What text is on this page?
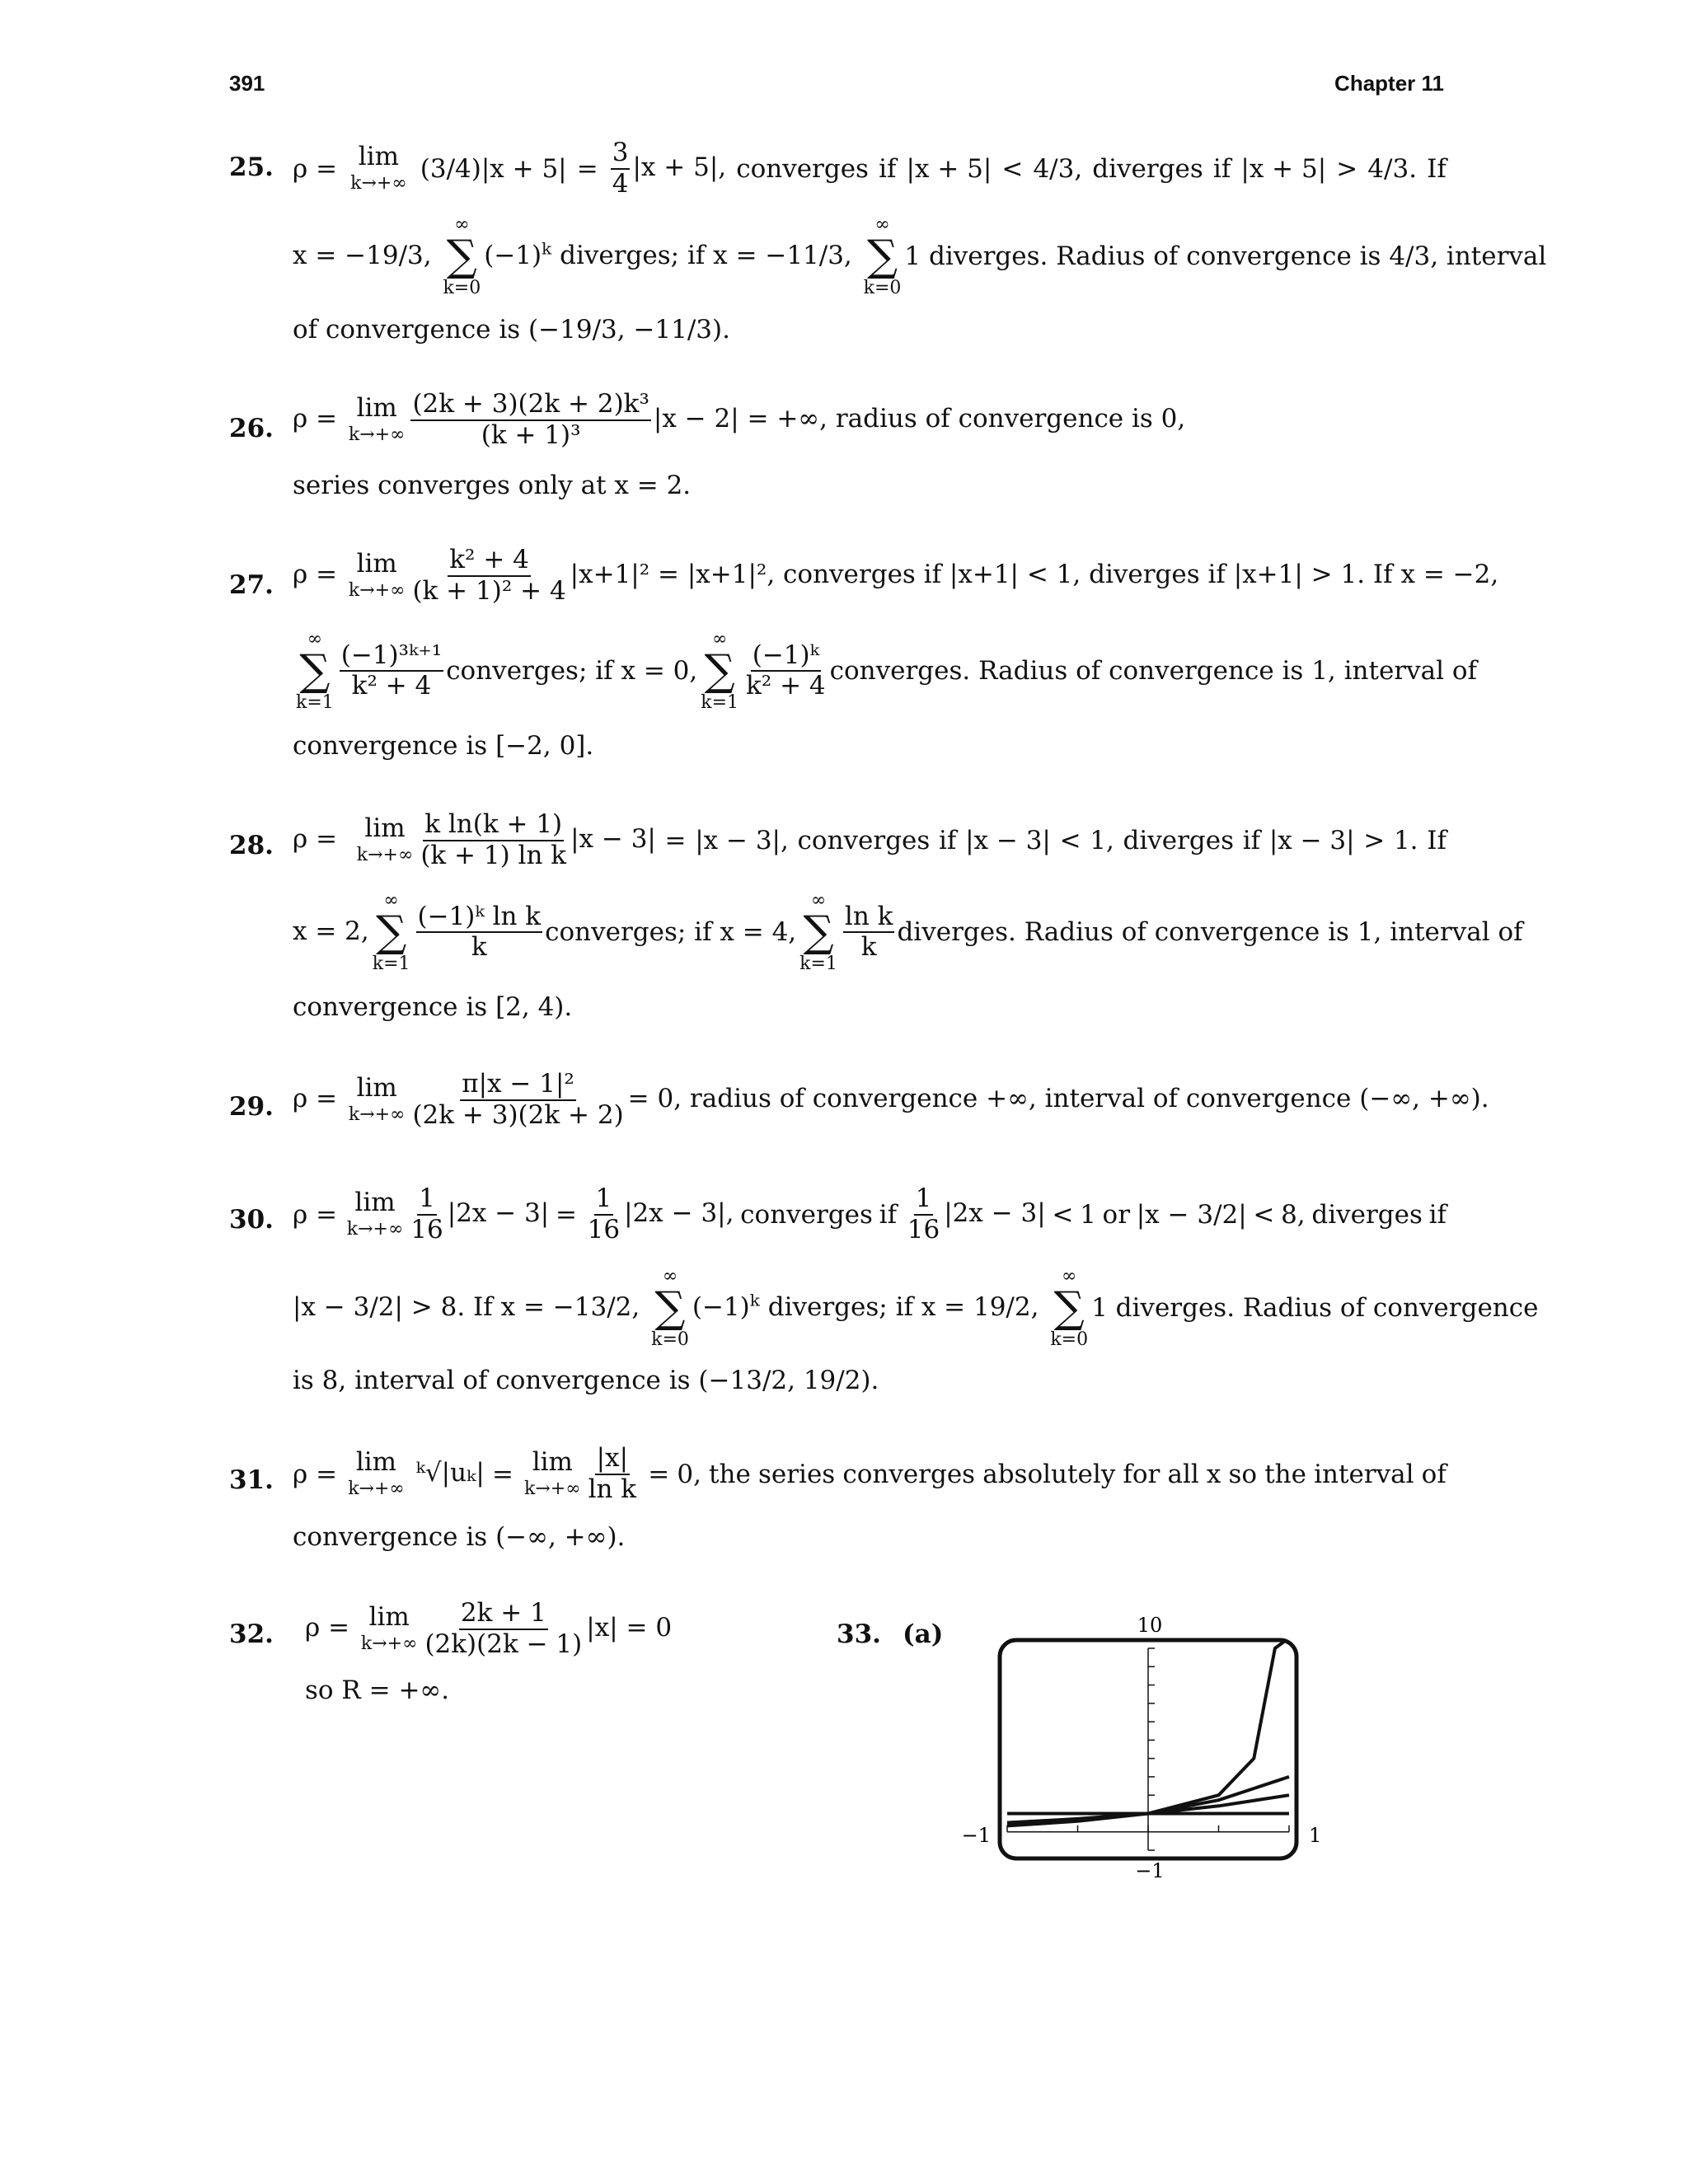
391	Chapter 11
25. ρ = lim
k→+∞ $(3/4)|x + 5| = \frac{3}{4} |x + 5|$, converges if |x + 5| < 4/3, diverges if |x + 5| > 4/3. If
x = −19/3,
∞
∑
k=0
$(-1)^k$ diverges; if x = −11/3,
∞
∑
k=0
1 diverges. Radius of convergence is 4/3, interval
of convergence is (−19/3, −11/3).
26. ρ = lim
$k\to+\infty \frac{\text{(2k + 3)(2k + 2)k³}}{\text{(k + 1)³}} |x - 2|$ = +∞, radius of convergence is 0,
series converges only at x = 2.
27. ρ = lim
$k\to+\infty \frac{\text{k² + 4}}{\text{(k + 1)² + 4}} |x+1|^2 = |x+1|^2$, converges if |x+1| < 1, diverges if |x+1| > 1. If x = −2,
∞
∑
k=1
$\frac{\text{(−1)³ᵏ⁺¹}}{\text{k² + 4}}$ converges; if x = 0,
∞
∑
k=1
$\frac{\text{(−1)ᵏ}}{\text{k² + 4}}$ converges. Radius of convergence is 1, interval of
convergence is [−2, 0].
28. ρ = lim
$k\to+\infty \frac{\text{k ln(k + 1)}}{\text{(k + 1) ln k}} |x - 3| = |x - 3|$, converges if |x − 3| < 1, diverges if |x − 3| > 1. If
x = 2,
∞
∑
k=1
$\frac{\text{(−1)ᵏ ln k}}{k}$ converges; if x = 4,
∞
∑
k=1
$\frac{\text{ln k}}{k}$ diverges. Radius of convergence is 1, interval of
convergence is [2, 4).
29. ρ = lim
$k\to+\infty \frac{\text{π|x − 1|²}}{(2k + 3)(2k + 2)} = 0$, radius of convergence +∞, interval of convergence (−∞, +∞).
30. ρ = lim
$k\to+\infty \frac{1}{16} |2x - 3| = \frac{1}{16} |2x - 3|$, converges if $\frac{1}{16} |2x - 3| < 1$ or |x − 3/2| < 8, diverges if
|x − 3/2| > 8. If x = −13/2,
∞
∑
k=0
$(-1)^k$ diverges; if x = 19/2,
∞
∑
k=0
1 diverges. Radius of convergence
is 8, interval of convergence is (−13/2, 19/2).
31. ρ = lim
k→+∞
ᵏ√|uₖ| = lim
$k\to+\infty \frac{|x|}{\text{ln k}} = 0$, the series converges absolutely for all x so the interval of
convergence is (−∞, +∞).
32. ρ = lim
$k\to+\infty \frac{2k + 1}{(2k)(2k - 1)} |x| = 0$
so R = +∞.
33. (a)	10
−1	1
−1
